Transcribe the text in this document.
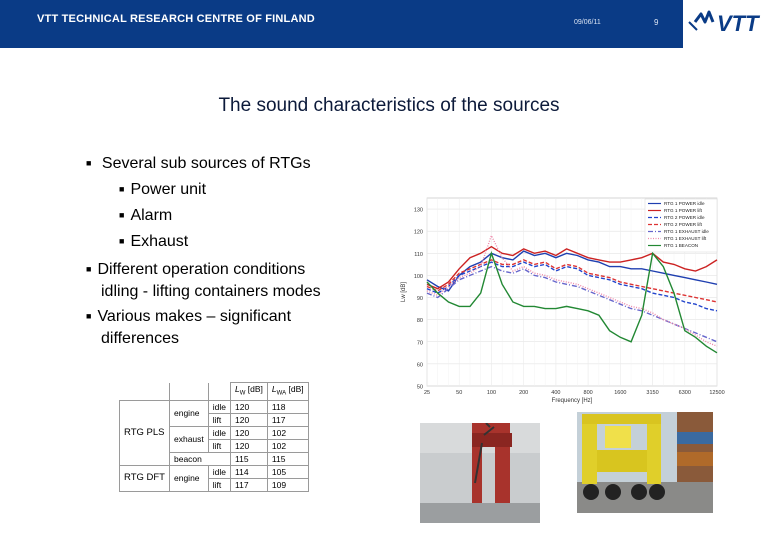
VTT TECHNICAL RESEARCH CENTRE OF FINLAND	09/06/11	9	VTT
The sound characteristics of the sources
■ Several sub sources of RTGs
■ Power unit
■ Alarm
■ Exhaust
■ Different operation conditions
idling - lifting containers modes
■ Various makes – significant
differences
			$L_W$ [dB]	$L_{WA}$ [dB]
RTG PLS	engine	idle	120	118
		lift	120	117
	exhaust	idle	120	102
		lift	120	102
	beacon		115	115
RTG DFT	engine	idle	114	105
		lift	117	109
50
60
70
80
90
100
110
120
130
25	50	100	200	400	800	1600	3150	6300	12500
Frequency [Hz]
Lw [dB]
RTG 1 POWER idle
RTG 1 POWER lift
RTG 2 POWER idle
RTG 2 POWER lift
RTG 1 EXHAUST idle
RTG 1 EXHAUST lift
RTG 1 BEACON
